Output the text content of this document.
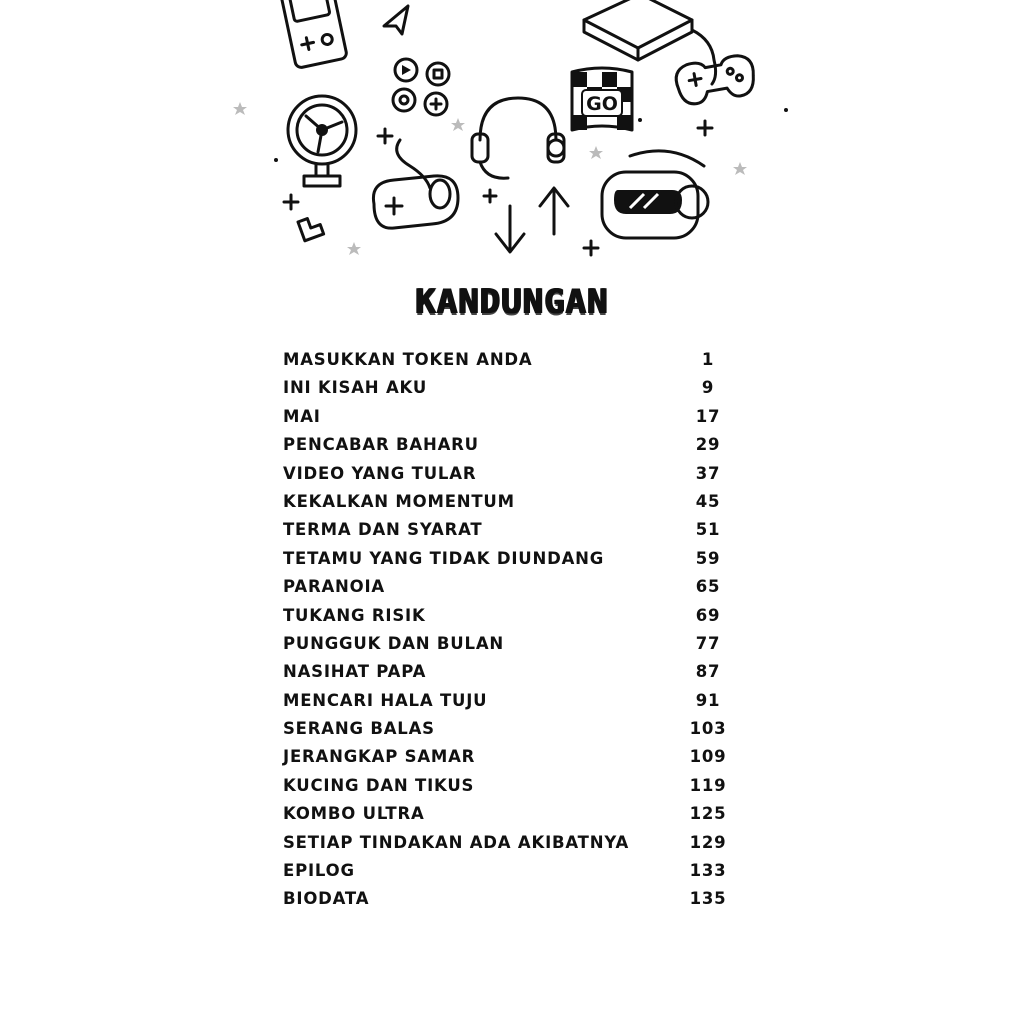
GO
KANDUNGAN
MASUKKAN TOKEN ANDA	1
INI KISAH AKU	9
MAI	17
PENCABAR BAHARU	29
VIDEO YANG TULAR	37
KEKALKAN MOMENTUM	45
TERMA DAN SYARAT	51
TETAMU YANG TIDAK DIUNDANG	59
PARANOIA	65
TUKANG RISIK	69
PUNGGUK DAN BULAN	77
NASIHAT PAPA	87
MENCARI HALA TUJU	91
SERANG BALAS	103
JERANGKAP SAMAR	109
KUCING DAN TIKUS	119
KOMBO ULTRA	125
SETIAP TINDAKAN ADA AKIBATNYA	129
EPILOG	133
BIODATA	135
